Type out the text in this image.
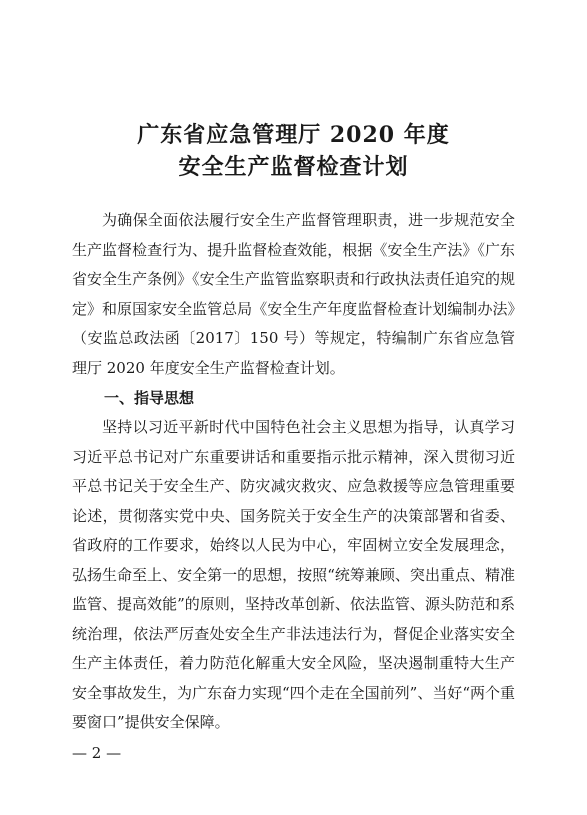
广东省应急管理厅 2020 年度
安全生产监督检查计划

为确保全面依法履行安全生产监督管理职责，进一步规范安全生产监督检查行为、提升监督检查效能，根据《安全生产法》《广东省安全生产条例》《安全生产监管监察职责和行政执法责任追究的规定》和原国家安全监管总局《安全生产年度监督检查计划编制办法》（安监总政法函〔2017〕150 号）等规定，特编制广东省应急管理厅 2020 年度安全生产监督检查计划。

一、指导思想

坚持以习近平新时代中国特色社会主义思想为指导，认真学习习近平总书记对广东重要讲话和重要指示批示精神，深入贯彻习近平总书记关于安全生产、防灾减灾救灾、应急救援等应急管理重要论述，贯彻落实党中央、国务院关于安全生产的决策部署和省委、省政府的工作要求，始终以人民为中心，牢固树立安全发展理念，弘扬生命至上、安全第一的思想，按照“统筹兼顾、突出重点、精准监管、提高效能”的原则，坚持改革创新、依法监管、源头防范和系统治理，依法严厉查处安全生产非法违法行为，督促企业落实安全生产主体责任，着力防范化解重大安全风险，坚决遏制重特大生产安全事故发生，为广东奋力实现“四个走在全国前列”、当好“两个重要窗口”提供安全保障。

— 2 —
